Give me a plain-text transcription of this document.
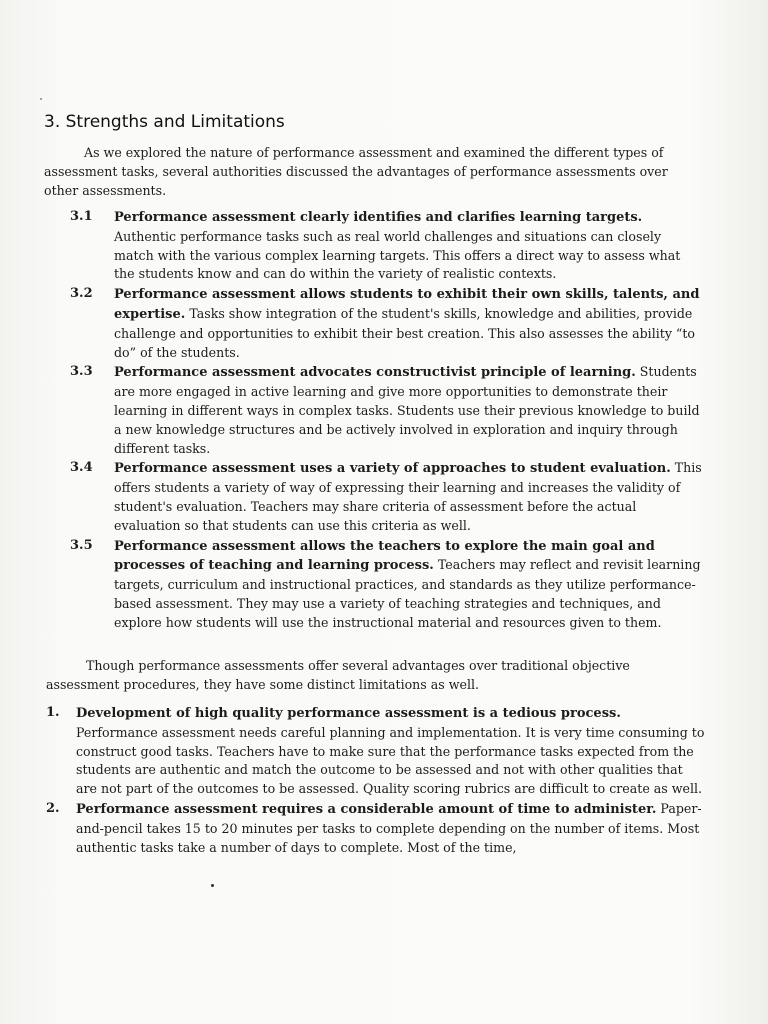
3. Strengths and Limitations

As we explored the nature of performance assessment and examined the different types of assessment tasks, several authorities discussed the advantages of performance assessments over other assessments.

3.1 Performance assessment clearly identifies and clarifies learning targets. Authentic performance tasks such as real world challenges and situations can closely match with the various complex learning targets. This offers a direct way to assess what the students know and can do within the variety of realistic contexts.
3.2 Performance assessment allows students to exhibit their own skills, talents, and expertise. Tasks show integration of the student's skills, knowledge and abilities, provide challenge and opportunities to exhibit their best creation. This also assesses the ability “to do” of the students.
3.3 Performance assessment advocates constructivist principle of learning. Students are more engaged in active learning and give more opportunities to demonstrate their learning in different ways in complex tasks. Students use their previous knowledge to build a new knowledge structures and be actively involved in exploration and inquiry through different tasks.
3.4 Performance assessment uses a variety of approaches to student evaluation. This offers students a variety of way of expressing their learning and increases the validity of student's evaluation. Teachers may share criteria of assessment before the actual evaluation so that students can use this criteria as well.
3.5 Performance assessment allows the teachers to explore the main goal and processes of teaching and learning process. Teachers may reflect and revisit learning targets, curriculum and instructional practices, and standards as they utilize performance-based assessment. They may use a variety of teaching strategies and techniques, and explore how students will use the instructional material and resources given to them.

Though performance assessments offer several advantages over traditional objective assessment procedures, they have some distinct limitations as well.

1. Development of high quality performance assessment is a tedious process. Performance assessment needs careful planning and implementation. It is very time consuming to construct good tasks. Teachers have to make sure that the performance tasks expected from the students are authentic and match the outcome to be assessed and not with other qualities that are not part of the outcomes to be assessed. Quality scoring rubrics are difficult to create as well.
2. Performance assessment requires a considerable amount of time to administer. Paper-and-pencil takes 15 to 20 minutes per tasks to complete depending on the number of items. Most authentic tasks take a number of days to complete. Most of the time,
